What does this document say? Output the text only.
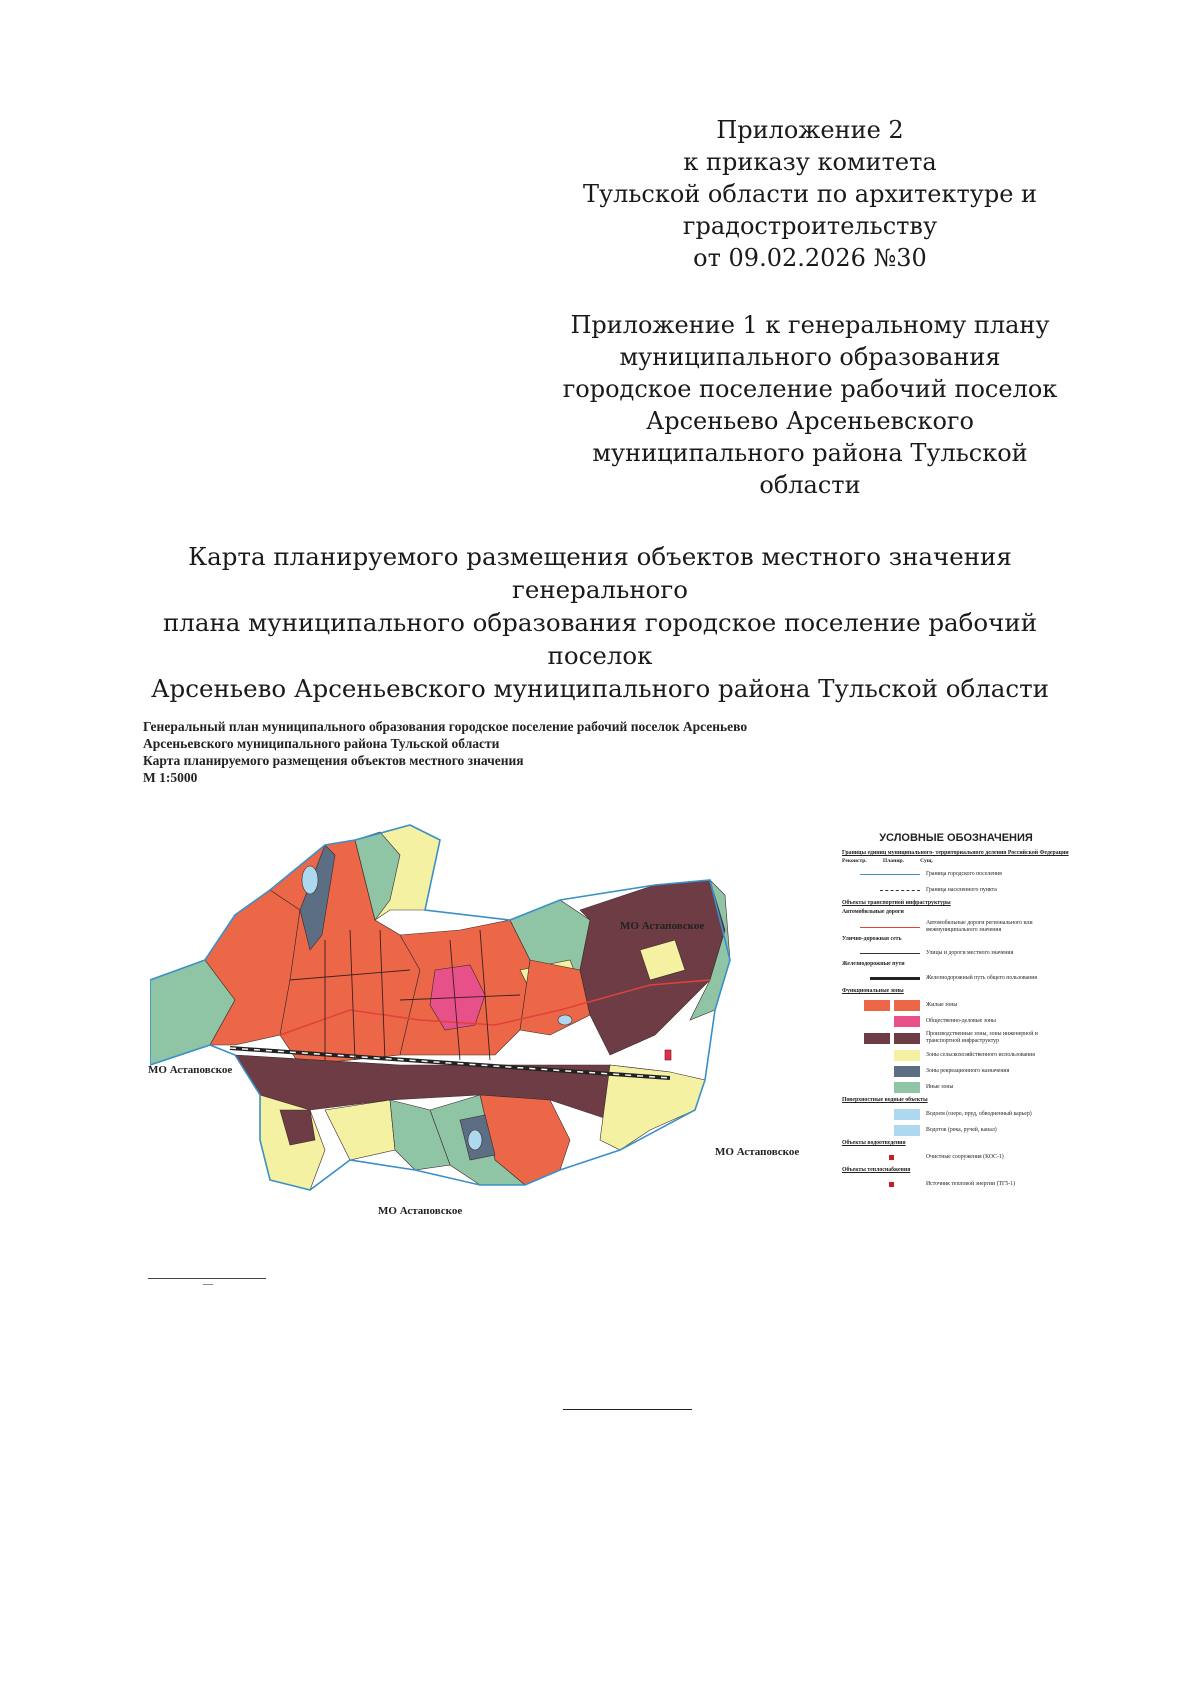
Приложение 2
к приказу комитета
Тульской области по архитектуре и
градостроительству
от 09.02.2026 №30
Приложение 1 к генеральному плану
муниципального образования
городское поселение рабочий поселок
Арсеньево Арсеньевского
муниципального района Тульской
области
Карта планируемого размещения объектов местного значения генерального
плана муниципального образования городское поселение рабочий поселок
Арсеньево Арсеньевского муниципального района Тульской области
Генеральный план муниципального образования городское поселение рабочий поселок Арсеньево
Арсеньевского муниципального района Тульской области
Карта планируемого размещения объектов местного значения
М 1:5000
МО Астаповское
МО Астаповское
МО Астаповское
МО Астаповское
УСЛОВНЫЕ ОБОЗНАЧЕНИЯ
Границы единиц муниципального- территориального деления Российской Федерации
Реконстр.	Планир.	Сущ.
Граница городского поселения
Граница населенного пункта
Объекты транспортной инфраструктуры
Автомобильные дороги
Автомобильные дороги регионального или межмуниципального значения
Улично-дорожная сеть
Улицы и дороги местного значения
Железнодорожные пути
Железнодорожный путь общего пользования
Функциональные зоны
Жилые зоны
Общественно-деловые зоны
Производственные зоны, зоны инженерной и транспортной инфраструктур
Зоны сельскохозяйственного использования
Зоны рекреационного назначения
Иные зоны
Поверхностные водные объекты
Водоем (озеро, пруд, обводненный карьер)
Водоток (река, ручей, канал)
Объекты водоотведения
Очистные сооружения (КОС-1)
Объекты теплоснабжения
Источник тепловой энергии (ТГ5-1)
